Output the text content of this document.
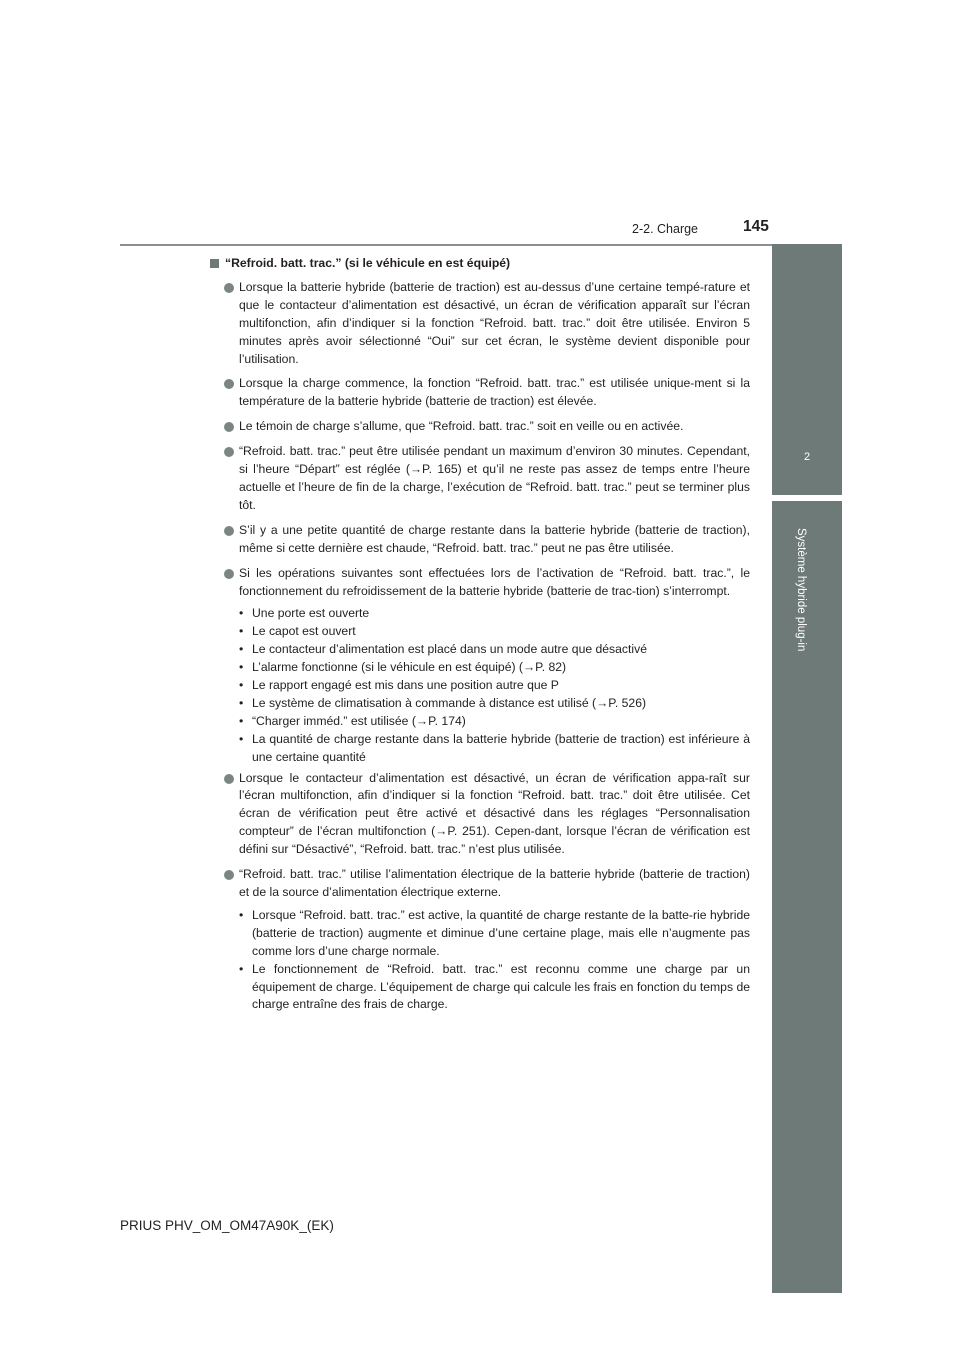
2-2. Charge	145
2
Système hybride plug-in
“Refroid. batt. trac.” (si le véhicule en est équipé)
Lorsque la batterie hybride (batterie de traction) est au-dessus d’une certaine tempé-rature et que le contacteur d’alimentation est désactivé, un écran de vérification apparaît sur l’écran multifonction, afin d’indiquer si la fonction “Refroid. batt. trac.” doit être utilisée. Environ 5 minutes après avoir sélectionné “Oui” sur cet écran, le système devient disponible pour l’utilisation.
Lorsque la charge commence, la fonction “Refroid. batt. trac.” est utilisée unique-ment si la température de la batterie hybride (batterie de traction) est élevée.
Le témoin de charge s’allume, que “Refroid. batt. trac.” soit en veille ou en activée.
“Refroid. batt. trac.” peut être utilisée pendant un maximum d’environ 30 minutes. Cependant, si l’heure “Départ” est réglée (→P. 165) et qu’il ne reste pas assez de temps entre l’heure actuelle et l’heure de fin de la charge, l’exécution de “Refroid. batt. trac.” peut se terminer plus tôt.
S’il y a une petite quantité de charge restante dans la batterie hybride (batterie de traction), même si cette dernière est chaude, “Refroid. batt. trac.” peut ne pas être utilisée.
Si les opérations suivantes sont effectuées lors de l’activation de “Refroid. batt. trac.”, le fonctionnement du refroidissement de la batterie hybride (batterie de trac-tion) s’interrompt.
• Une porte est ouverte
• Le capot est ouvert
• Le contacteur d’alimentation est placé dans un mode autre que désactivé
• L’alarme fonctionne (si le véhicule en est équipé) (→P. 82)
• Le rapport engagé est mis dans une position autre que P
• Le système de climatisation à commande à distance est utilisé (→P. 526)
• “Charger imméd.” est utilisée (→P. 174)
• La quantité de charge restante dans la batterie hybride (batterie de traction) est inférieure à une certaine quantité
Lorsque le contacteur d’alimentation est désactivé, un écran de vérification appa-raît sur l’écran multifonction, afin d’indiquer si la fonction “Refroid. batt. trac.” doit être utilisée. Cet écran de vérification peut être activé et désactivé dans les réglages “Personnalisation compteur” de l’écran multifonction (→P. 251). Cepen-dant, lorsque l’écran de vérification est défini sur “Désactivé”, “Refroid. batt. trac.” n’est plus utilisée.
“Refroid. batt. trac.” utilise l’alimentation électrique de la batterie hybride (batterie de traction) et de la source d’alimentation électrique externe.
• Lorsque “Refroid. batt. trac.” est active, la quantité de charge restante de la batte-rie hybride (batterie de traction) augmente et diminue d’une certaine plage, mais elle n’augmente pas comme lors d’une charge normale.
• Le fonctionnement de “Refroid. batt. trac.” est reconnu comme une charge par un équipement de charge. L’équipement de charge qui calcule les frais en fonction du temps de charge entraîne des frais de charge.
PRIUS PHV_OM_OM47A90K_(EK)
